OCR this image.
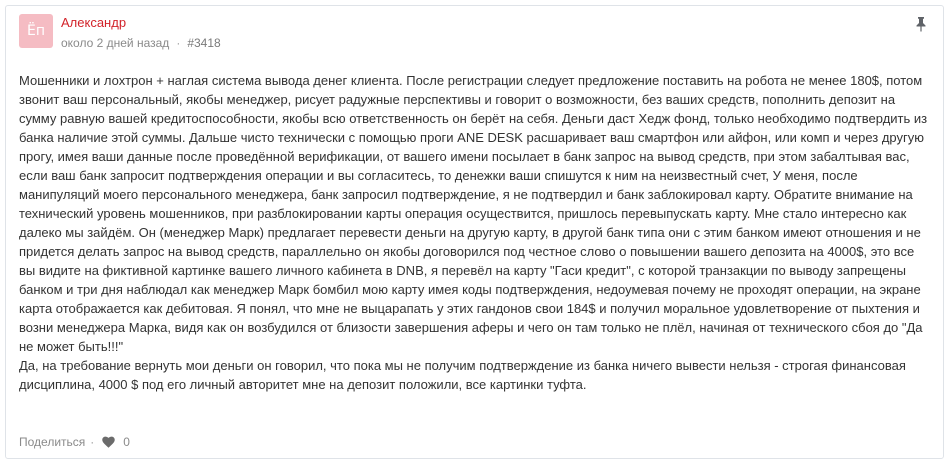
Ёп
Александр
около 2 дней назад · #3418

Мошенники и лохтрон + наглая система вывода денег клиента. После регистрации следует предложение поставить на робота не менее 180$, потом
звонит ваш персональный, якобы менеджер, рисует радужные перспективы и говорит о возможности, без ваших средств, пополнить депозит на
сумму равную вашей кредитоспособности, якобы всю ответственность он берёт на себя. Деньги даст Хедж фонд, только необходимо подтвердить из
банка наличие этой суммы. Дальше чисто технически с помощью проги ANE DESK расшаривает ваш смартфон или айфон, или комп и через другую
прогу, имея ваши данные после проведённой верификации, от вашего имени посылает в банк запрос на вывод средств, при этом забалтывая вас,
если ваш банк запросит подтверждения операции и вы согласитесь, то денежки ваши спишутся к ним на неизвестный счет, У меня, после
манипуляций моего персонального менеджера, банк запросил подтверждение, я не подтвердил и банк заблокировал карту. Обратите внимание на
технический уровень мошенников, при разблокировании карты операция осуществится, пришлось перевыпускать карту. Мне стало интересно как
далеко мы зайдём. Он (менеджер Марк) предлагает перевести деньги на другую карту, в другой банк типа они с этим банком имеют отношения и не
придется делать запрос на вывод средств, параллельно он якобы договорился под честное слово о повышении вашего депозита на 4000$, это все
вы видите на фиктивной картинке вашего личного кабинета в DNB, я перевёл на карту "Гаси кредит", с которой транзакции по выводу запрещены
банком и три дня наблюдал как менеджер Марк бомбил мою карту имея коды подтверждения, недоумевая почему не проходят операции, на экране
карта отображается как дебитовая. Я понял, что мне не выцарапать у этих гандонов свои 184$ и получил моральное удовлетворение от пыхтения и
возни менеджера Марка, видя как он возбудился от близости завершения аферы и чего он там только не плёл, начиная от технического сбоя до "Да
не может быть!!!"
Да, на требование вернуть мои деньги он говорил, что пока мы не получим подтверждение из банка ничего вывести нельзя - строгая финансовая
дисциплина, 4000 $ под его личный авторитет мне на депозит положили, все картинки туфта.

Поделиться · 0
